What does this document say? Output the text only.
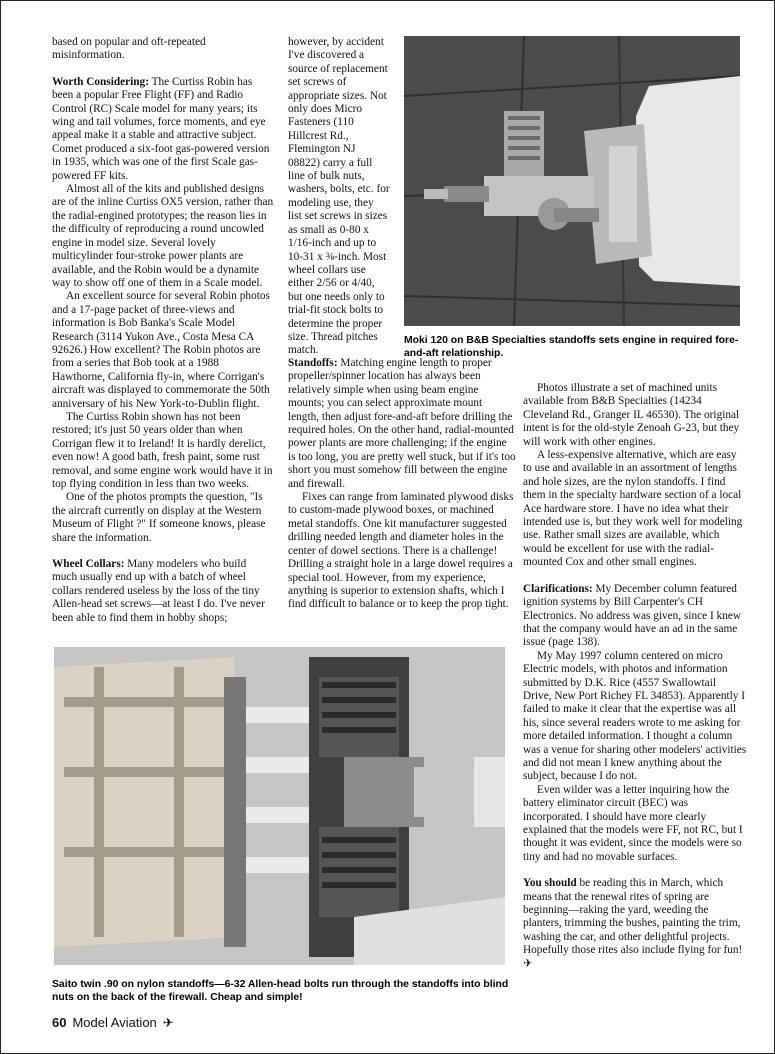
based on popular and oft-repeated misinformation.

Worth Considering: The Curtiss Robin has been a popular Free Flight (FF) and Radio Control (RC) Scale model for many years; its wing and tail volumes, force moments, and eye appeal make it a stable and attractive subject. Comet produced a six-foot gas-powered version in 1935, which was one of the first Scale gas-powered FF kits.

Almost all of the kits and published designs are of the inline Curtiss OX5 version, rather than the radial-engined prototypes; the reason lies in the difficulty of reproducing a round uncowled engine in model size. Several lovely multicylinder four-stroke power plants are available, and the Robin would be a dynamite way to show off one of them in a Scale model.

An excellent source for several Robin photos and a 17-page packet of three-views and information is Bob Banka's Scale Model Research (3114 Yukon Ave., Costa Mesa CA 92626.) How excellent? The Robin photos are from a series that Bob took at a 1988 Hawthorne, California fly-in, where Corrigan's aircraft was displayed to commemorate the 50th anniversary of his New York-to-Dublin flight.

The Curtiss Robin shown has not been restored; it's just 50 years older than when Corrigan flew it to Ireland! It is hardly derelict, even now! A good bath, fresh paint, some rust removal, and some engine work would have it in top flying condition in less than two weeks.

One of the photos prompts the question, "Is the aircraft currently on display at the Western Museum of Flight ?" If someone knows, please share the information.

Wheel Collars: Many modelers who build much usually end up with a batch of wheel collars rendered useless by the loss of the tiny Allen-head set screws—at least I do. I've never been able to find them in hobby shops;

however, by accident I've discovered a source of replacement set screws of appropriate sizes. Not only does Micro Fasteners (110 Hillcrest Rd., Flemington NJ 08822) carry a full line of bulk nuts, washers, bolts, etc. for modeling use, they list set screws in sizes as small as 0-80 x 1/16-inch and up to 10-31 x ⅜-inch. Most wheel collars use either 2/56 or 4/40, but one needs only to trial-fit stock bolts to determine the proper size. Thread pitches match.

Standoffs: Matching engine length to proper propeller/spinner location has always been relatively simple when using beam engine mounts; you can select approximate mount length, then adjust fore-and-aft before drilling the required holes. On the other hand, radial-mounted power plants are more challenging; if the engine is too long, you are pretty well stuck, but if it's too short you must somehow fill between the engine and firewall.

Fixes can range from laminated plywood disks to custom-made plywood boxes, or machined metal standoffs. One kit manufacturer suggested drilling needed length and diameter holes in the center of dowel sections. There is a challenge! Drilling a straight hole in a large dowel requires a special tool. However, from my experience, anything is superior to extension shafts, which I find difficult to balance or to keep the prop tight.

Moki 120 on B&B Specialties standoffs sets engine in required fore-and-aft relationship.

Photos illustrate a set of machined units available from B&B Specialties (14234 Cleveland Rd., Granger IL 46530). The original intent is for the old-style Zenoah G-23, but they will work with other engines.

A less-expensive alternative, which are easy to use and available in an assortment of lengths and hole sizes, are the nylon standoffs. I find them in the specialty hardware section of a local Ace hardware store. I have no idea what their intended use is, but they work well for modeling use. Rather small sizes are available, which would be excellent for use with the radial-mounted Cox and other small engines.

Clarifications: My December column featured ignition systems by Bill Carpenter's CH Electronics. No address was given, since I knew that the company would have an ad in the same issue (page 138).

My May 1997 column centered on micro Electric models, with photos and information submitted by D.K. Rice (4557 Swallowtail Drive, New Port Richey FL 34853). Apparently I failed to make it clear that the expertise was all his, since several readers wrote to me asking for more detailed information. I thought a column was a venue for sharing other modelers' activities and did not mean I knew anything about the subject, because I do not.

Even wilder was a letter inquiring how the battery eliminator circuit (BEC) was incorporated. I should have more clearly explained that the models were FF, not RC, but I thought it was evident, since the models were so tiny and had no movable surfaces.

You should be reading this in March, which means that the renewal rites of spring are beginning—raking the yard, weeding the planters, trimming the bushes, painting the trim, washing the car, and other delightful projects. Hopefully those rites also include flying for fun! ✈

Saito twin .90 on nylon standoffs—6-32 Allen-head bolts run through the standoffs into blind nuts on the back of the firewall. Cheap and simple!
60 Model Aviation ✈
